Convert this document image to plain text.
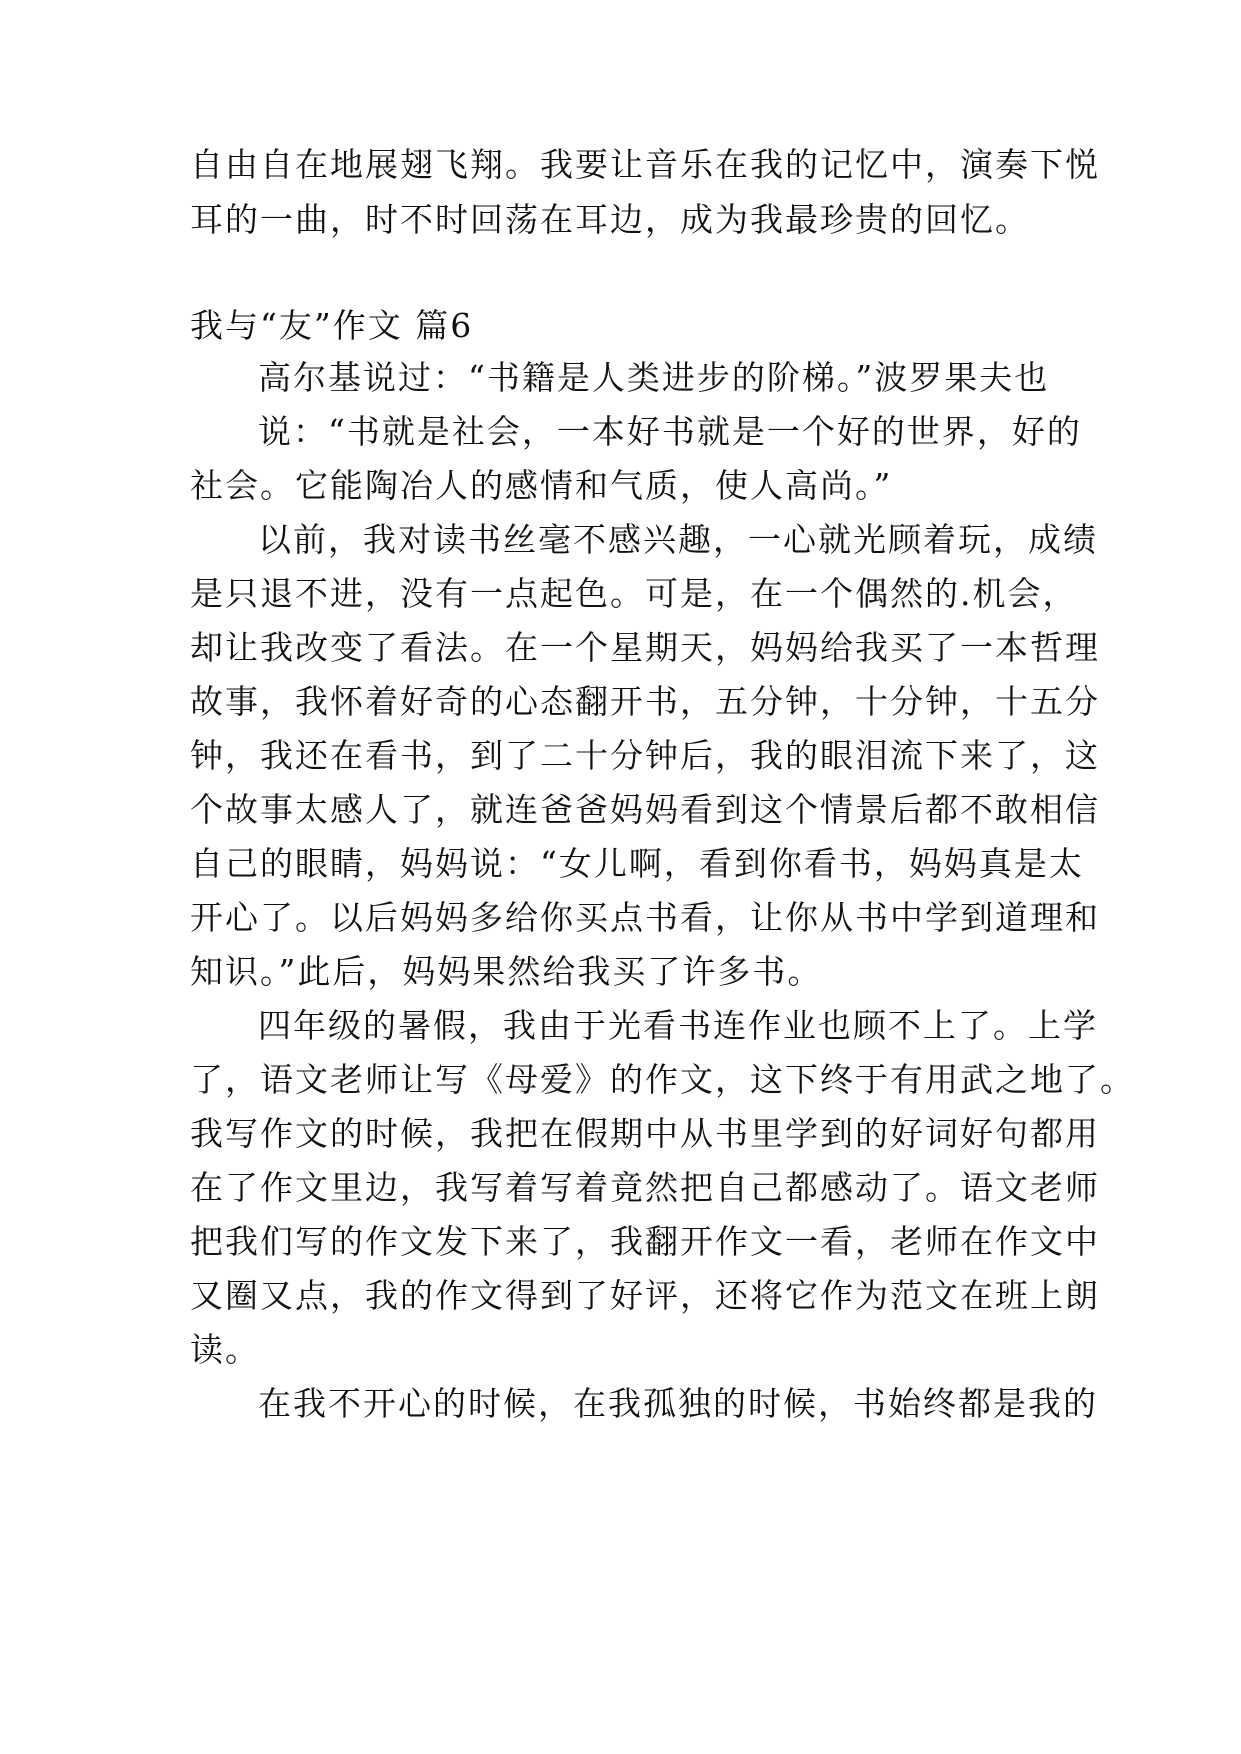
自由自在地展翅飞翔。我要让音乐在我的记忆中，演奏下悦
耳的一曲，时不时回荡在耳边，成为我最珍贵的回忆。
我与“友”作文 篇6
高尔基说过：“书籍是人类进步的阶梯。”波罗果夫也
说：“书就是社会，一本好书就是一个好的世界，好的
社会。它能陶冶人的感情和气质，使人高尚。”
以前，我对读书丝毫不感兴趣，一心就光顾着玩，成绩
是只退不进，没有一点起色。可是，在一个偶然的.机会，
却让我改变了看法。在一个星期天，妈妈给我买了一本哲理
故事，我怀着好奇的心态翻开书，五分钟，十分钟，十五分
钟，我还在看书，到了二十分钟后，我的眼泪流下来了，这
个故事太感人了，就连爸爸妈妈看到这个情景后都不敢相信
自己的眼睛，妈妈说：“女儿啊，看到你看书，妈妈真是太
开心了。以后妈妈多给你买点书看，让你从书中学到道理和
知识。”此后，妈妈果然给我买了许多书。
四年级的暑假，我由于光看书连作业也顾不上了。上学
了，语文老师让写《母爱》的作文，这下终于有用武之地了。
我写作文的时候，我把在假期中从书里学到的好词好句都用
在了作文里边，我写着写着竟然把自己都感动了。语文老师
把我们写的作文发下来了，我翻开作文一看，老师在作文中
又圈又点，我的作文得到了好评，还将它作为范文在班上朗
读。
在我不开心的时候，在我孤独的时候，书始终都是我的
